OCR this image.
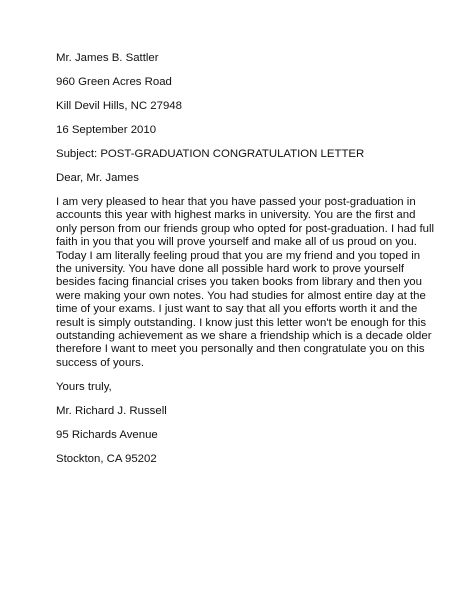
Mr. James B. Sattler
960 Green Acres Road
Kill Devil Hills, NC 27948
16 September 2010
Subject: POST-GRADUATION CONGRATULATION LETTER
Dear, Mr. James
I am very pleased to hear that you have passed your post-graduation in
accounts this year with highest marks in university. You are the first and
only person from our friends group who opted for post-graduation. I had full
faith in you that you will prove yourself and make all of us proud on you.
Today I am literally feeling proud that you are my friend and you toped in
the university. You have done all possible hard work to prove yourself
besides facing financial crises you taken books from library and then you
were making your own notes. You had studies for almost entire day at the
time of your exams. I just want to say that all you efforts worth it and the
result is simply outstanding. I know just this letter won't be enough for this
outstanding achievement as we share a friendship which is a decade older
therefore I want to meet you personally and then congratulate you on this
success of yours.
Yours truly,
Mr. Richard J. Russell
95 Richards Avenue
Stockton, CA 95202
